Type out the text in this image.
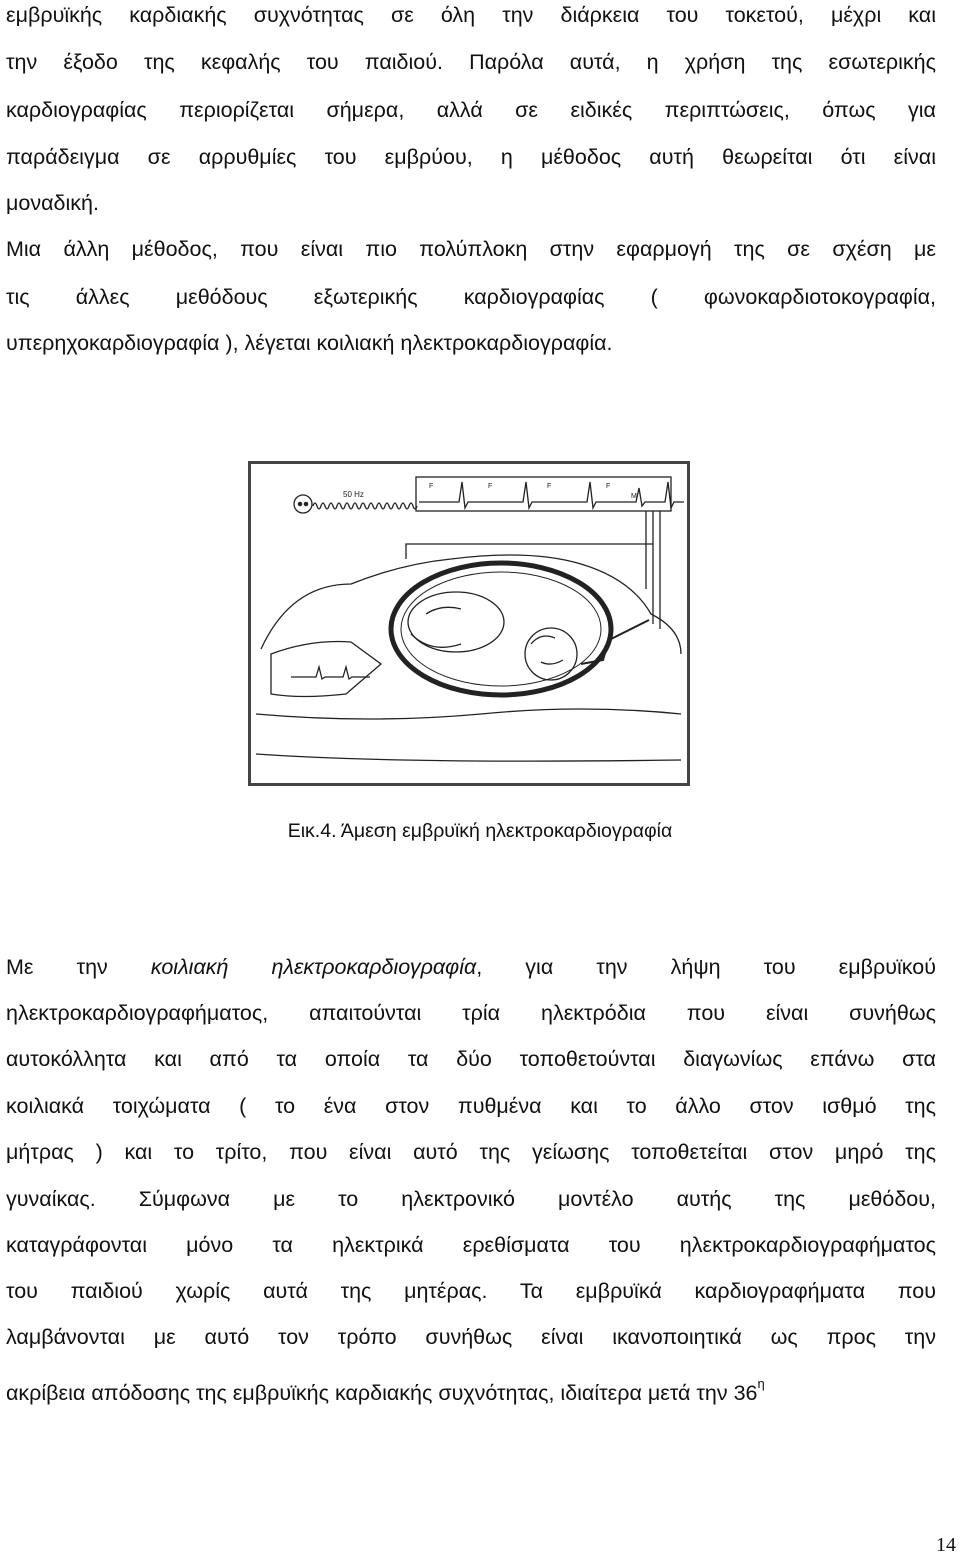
εμβρυϊκής καρδιακής συχνότητας σε όλη την διάρκεια του τοκετού, μέχρι και
την έξοδο της κεφαλής του παιδιού. Παρόλα αυτά, η χρήση της εσωτερικής
καρδιογραφίας περιορίζεται σήμερα, αλλά σε ειδικές περιπτώσεις, όπως για
παράδειγμα σε αρρυθμίες του εμβρύου, η μέθοδος αυτή θεωρείται ότι είναι
μοναδική.
Μια άλλη μέθοδος, που είναι πιο πολύπλοκη στην εφαρμογή της σε σχέση με
τις άλλες μεθόδους εξωτερικής καρδιογραφίας ( φωνοκαρδιοτοκογραφία,
υπερηχοκαρδιογραφία ), λέγεται κοιλιακή ηλεκτροκαρδιογραφία.
50 Hz
F	F	F	F
M
Εικ.4. Άμεση εμβρυϊκή ηλεκτροκαρδιογραφία
Με την κοιλιακή ηλεκτροκαρδιογραφία, για την λήψη του εμβρυϊκού
ηλεκτροκαρδιογραφήματος, απαιτούνται τρία ηλεκτρόδια που είναι συνήθως
αυτοκόλλητα και από τα οποία τα δύο τοποθετούνται διαγωνίως επάνω στα
κοιλιακά τοιχώματα ( το ένα στον πυθμένα και το άλλο στον ισθμό της
μήτρας ) και το τρίτο, που είναι αυτό της γείωσης τοποθετείται στον μηρό της
γυναίκας. Σύμφωνα με το ηλεκτρονικό μοντέλο αυτής της μεθόδου,
καταγράφονται μόνο τα ηλεκτρικά ερεθίσματα του ηλεκτροκαρδιογραφήματος
του παιδιού χωρίς αυτά της μητέρας. Τα εμβρυϊκά καρδιογραφήματα που
λαμβάνονται με αυτό τον τρόπο συνήθως είναι ικανοποιητικά ως προς την
ακρίβεια απόδοσης της εμβρυϊκής καρδιακής συχνότητας, ιδιαίτερα μετά την $36^\eta$
14
